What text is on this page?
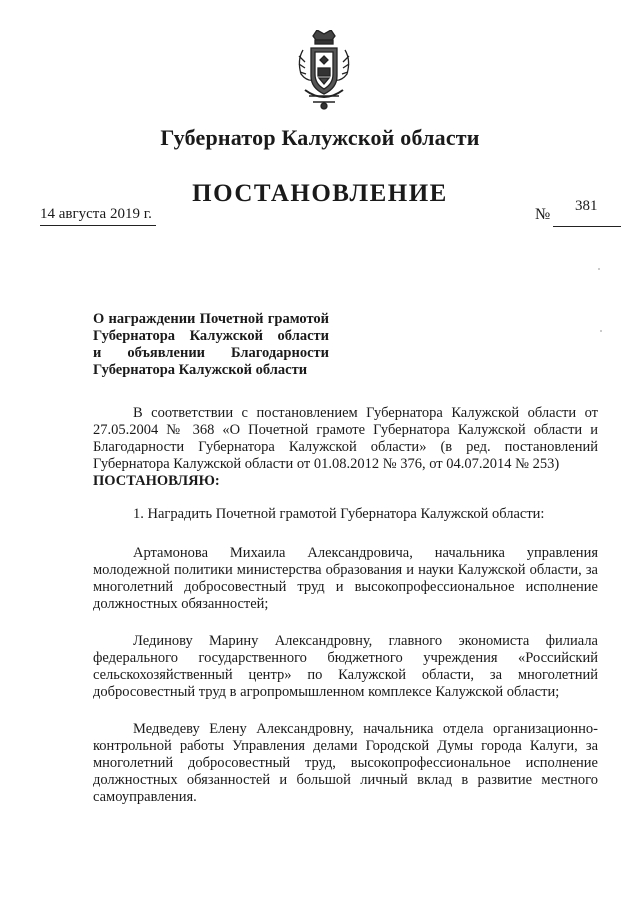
Губернатор Калужской области
ПОСТАНОВЛЕНИЕ
14 августа 2019 г.	№ 381
О награждении Почетной грамотой
Губернатора Калужской области
и объявлении Благодарности
Губернатора Калужской области

В соответствии с постановлением Губернатора Калужской области от 27.05.2004 № 368 «О Почетной грамоте Губернатора Калужской области и Благодарности Губернатора Калужской области» (в ред. постановлений Губернатора Калужской области от 01.08.2012 № 376, от 04.07.2014 № 253)

ПОСТАНОВЛЯЮ:

1. Наградить Почетной грамотой Губернатора Калужской области:

Артамонова Михаила Александровича, начальника управления молодежной политики министерства образования и науки Калужской области, за многолетний добросовестный труд и высокопрофессиональное исполнение должностных обязанностей;

Лединову Марину Александровну, главного экономиста филиала федерального государственного бюджетного учреждения «Российский сельскохозяйственный центр» по Калужской области, за многолетний добросовестный труд в агропромышленном комплексе Калужской области;

Медведеву Елену Александровну, начальника отдела организационно-контрольной работы Управления делами Городской Думы города Калуги, за многолетний добросовестный труд, высокопрофессиональное исполнение должностных обязанностей и большой личный вклад в развитие местного самоуправления.
